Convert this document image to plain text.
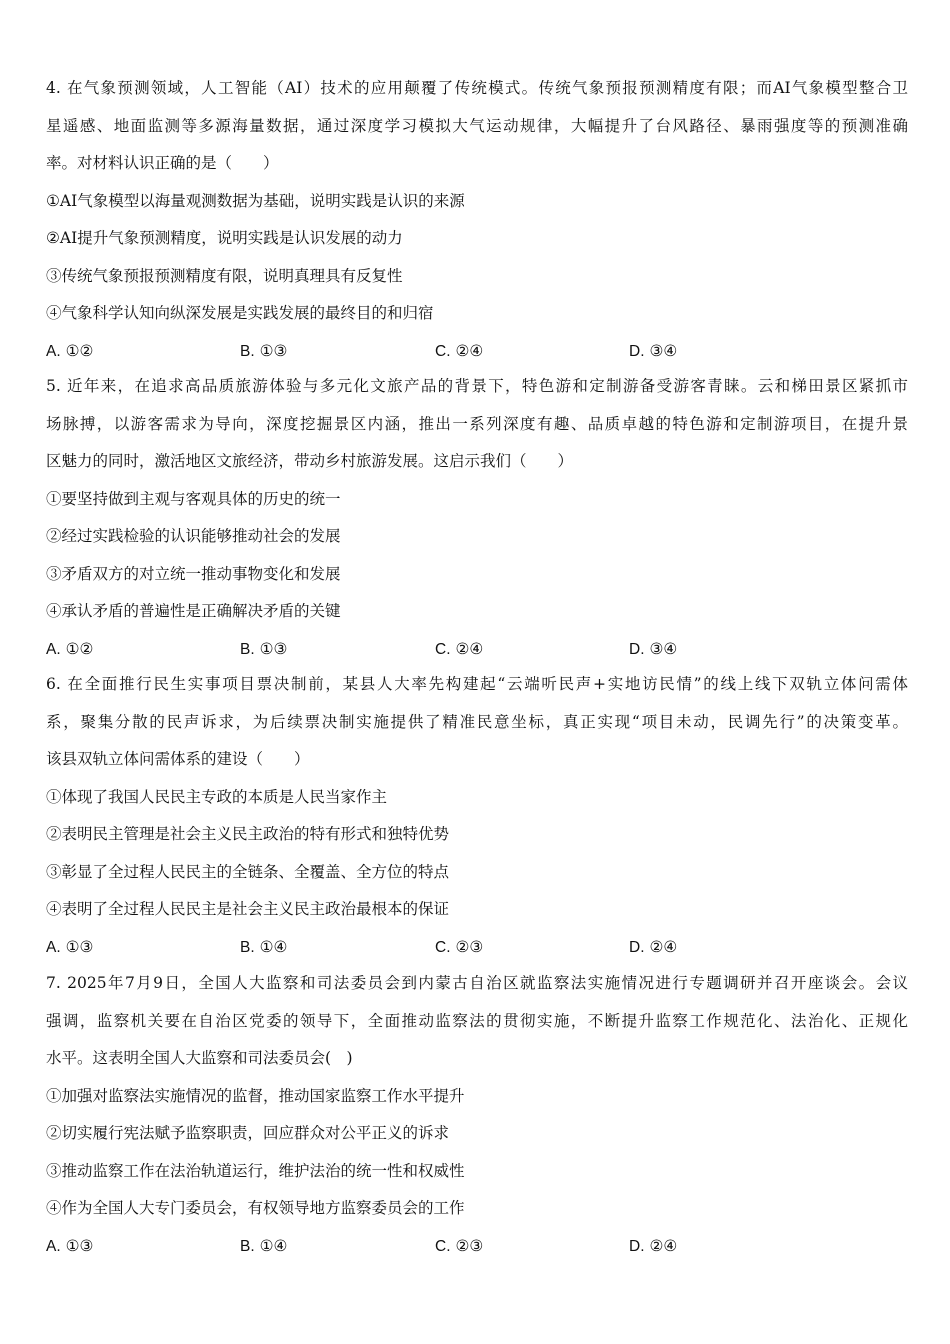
4. 在气象预测领域，人工智能（AI）技术的应用颠覆了传统模式。传统气象预报预测精度有限；而AI气象模型整合卫
星遥感、地面监测等多源海量数据，通过深度学习模拟大气运动规律，大幅提升了台风路径、暴雨强度等的预测准确
率。对材料认识正确的是（　　）
①AI气象模型以海量观测数据为基础，说明实践是认识的来源
②AI提升气象预测精度，说明实践是认识发展的动力
③传统气象预报预测精度有限，说明真理具有反复性
④气象科学认知向纵深发展是实践发展的最终目的和归宿
A. ①②	B. ①③	C. ②④	D. ③④
5. 近年来，在追求高品质旅游体验与多元化文旅产品的背景下，特色游和定制游备受游客青睐。云和梯田景区紧抓市
场脉搏，以游客需求为导向，深度挖掘景区内涵，推出一系列深度有趣、品质卓越的特色游和定制游项目，在提升景
区魅力的同时，激活地区文旅经济，带动乡村旅游发展。这启示我们（　　）
①要坚持做到主观与客观具体的历史的统一
②经过实践检验的认识能够推动社会的发展
③矛盾双方的对立统一推动事物变化和发展
④承认矛盾的普遍性是正确解决矛盾的关键
A. ①②	B. ①③	C. ②④	D. ③④
6. 在全面推行民生实事项目票决制前，某县人大率先构建起“云端听民声+实地访民情”的线上线下双轨立体问需体
系，聚集分散的民声诉求，为后续票决制实施提供了精准民意坐标，真正实现“项目未动，民调先行”的决策变革。
该县双轨立体问需体系的建设（　　）
①体现了我国人民民主专政的本质是人民当家作主
②表明民主管理是社会主义民主政治的特有形式和独特优势
③彰显了全过程人民民主的全链条、全覆盖、全方位的特点
④表明了全过程人民民主是社会主义民主政治最根本的保证
A. ①③	B. ①④	C. ②③	D. ②④
7. 2025年7月9日，全国人大监察和司法委员会到内蒙古自治区就监察法实施情况进行专题调研并召开座谈会。会议
强调，监察机关要在自治区党委的领导下，全面推动监察法的贯彻实施，不断提升监察工作规范化、法治化、正规化
水平。这表明全国人大监察和司法委员会(　)
①加强对监察法实施情况的监督，推动国家监察工作水平提升
②切实履行宪法赋予监察职责，回应群众对公平正义的诉求
③推动监察工作在法治轨道运行，维护法治的统一性和权威性
④作为全国人大专门委员会，有权领导地方监察委员会的工作
A. ①③	B. ①④	C. ②③	D. ②④
